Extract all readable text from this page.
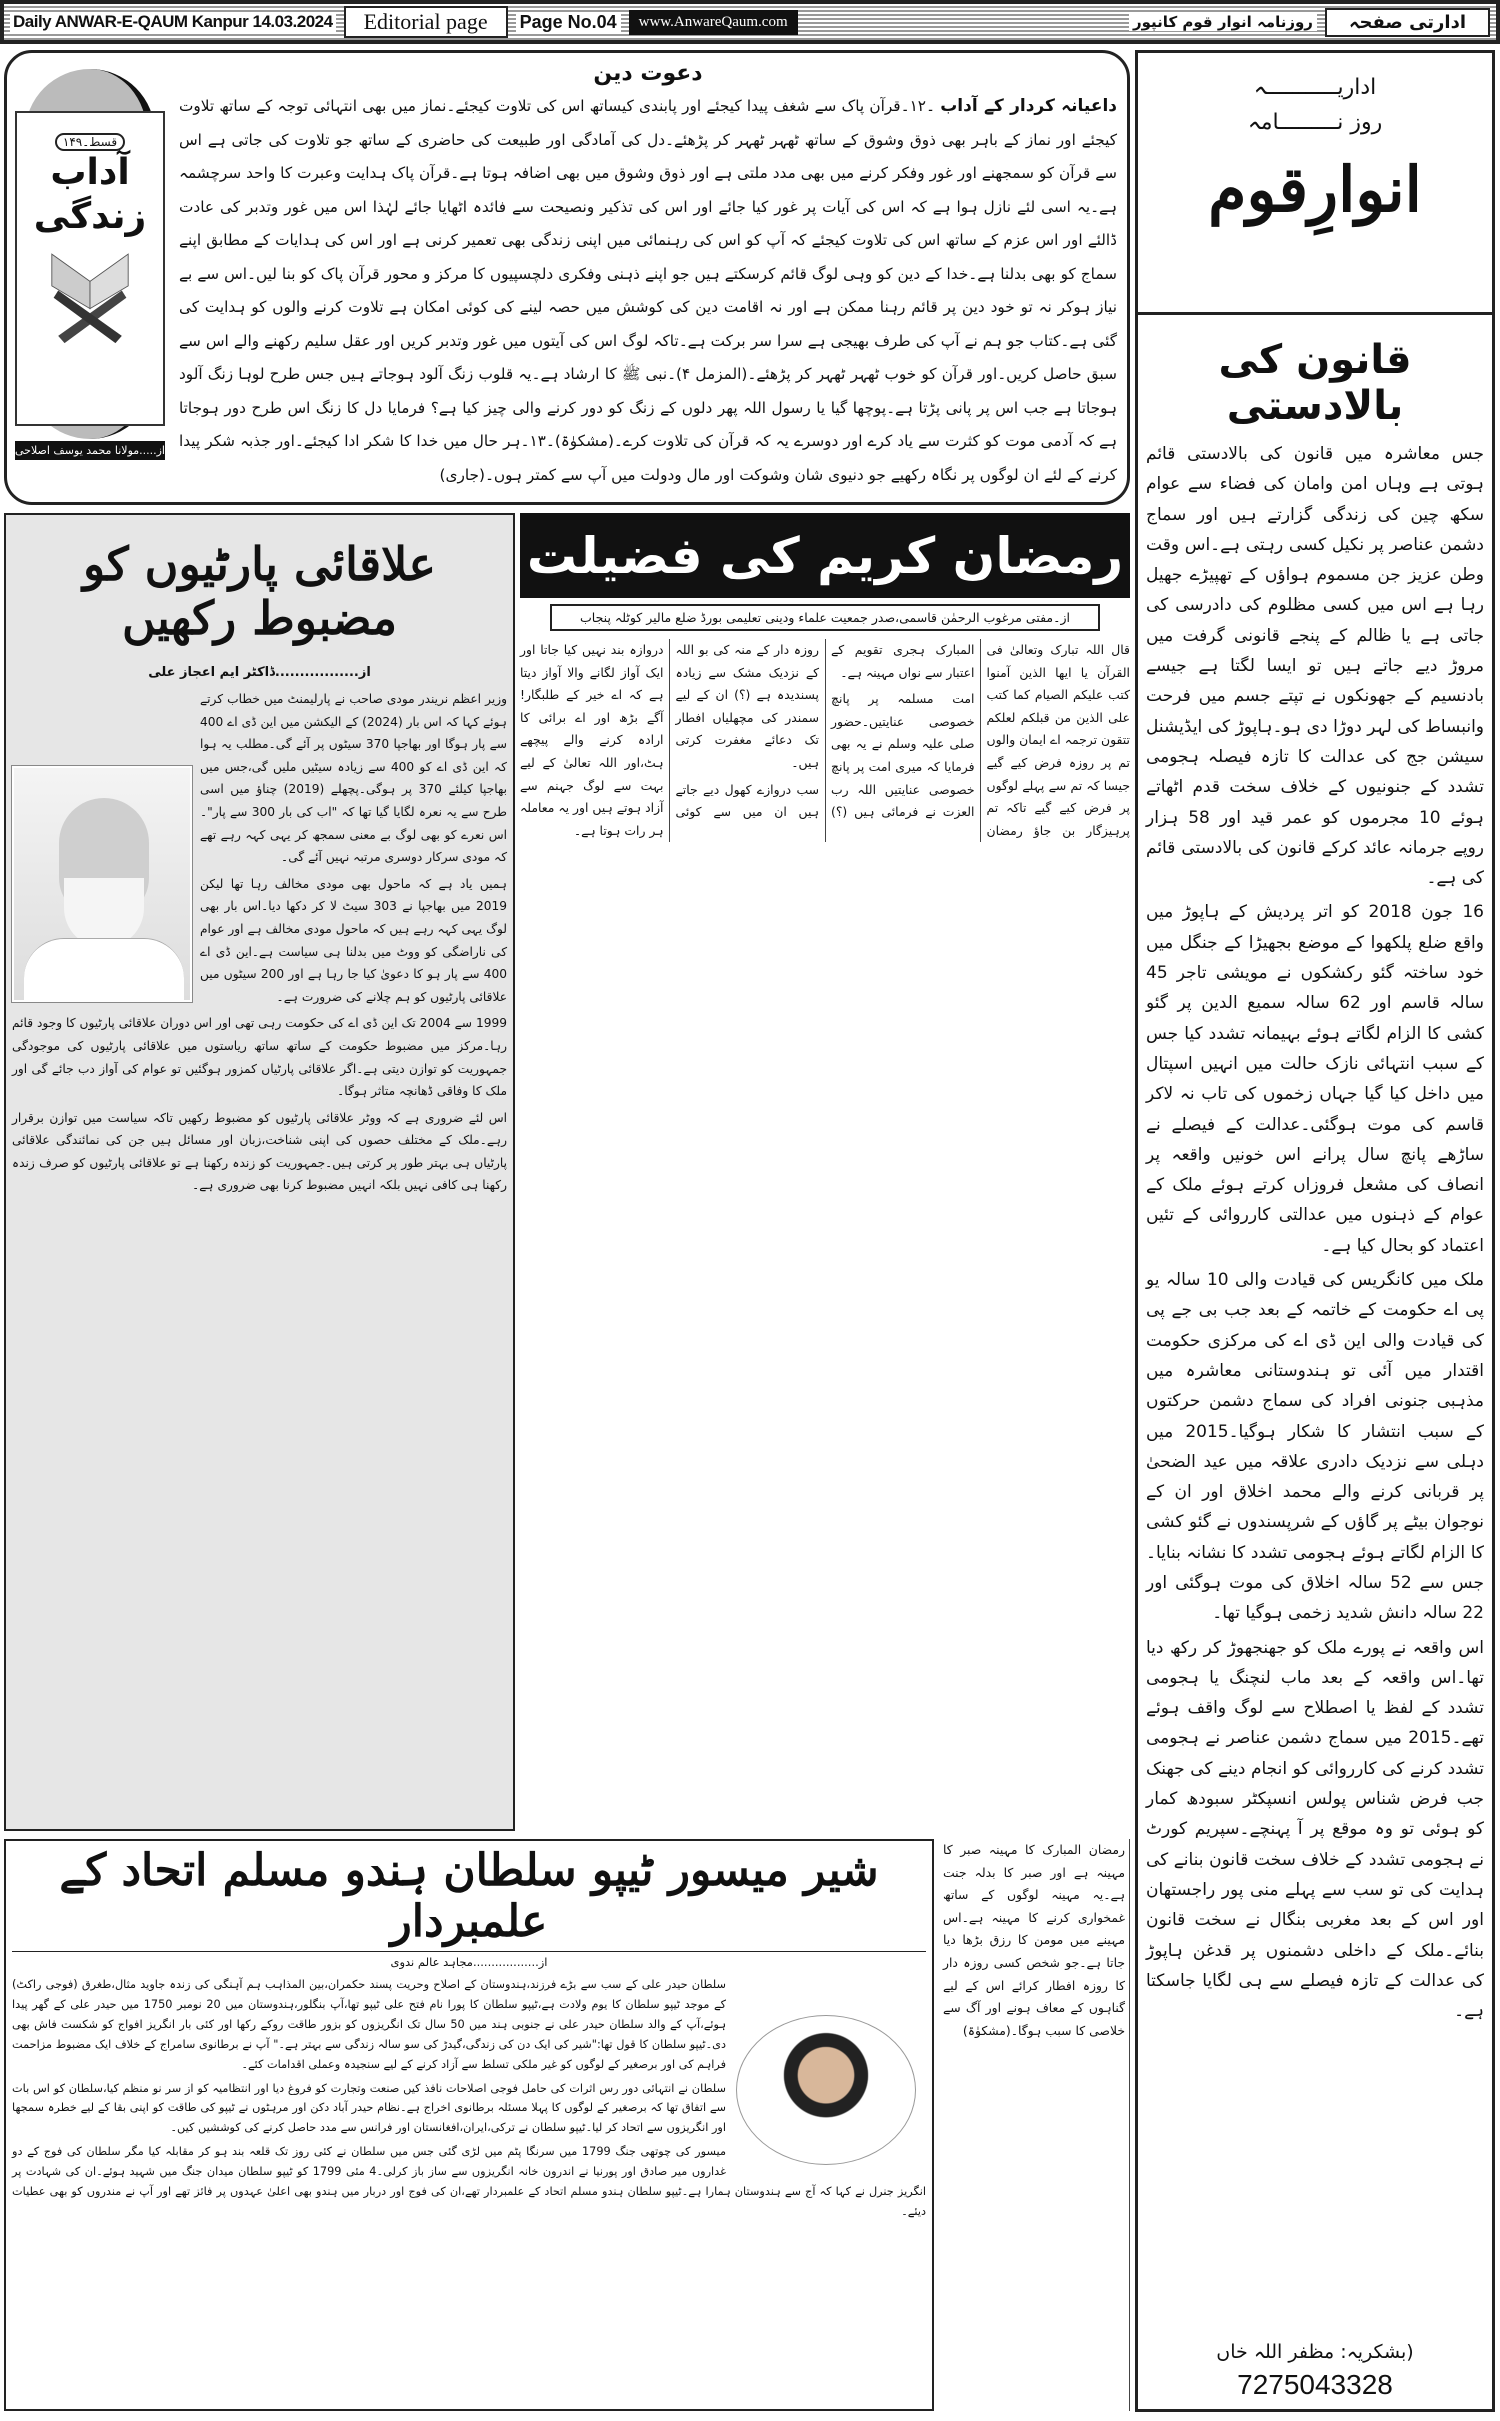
Daily ANWAR-E-QAUM Kanpur 14.03.2024	Editorial page	Page No.04	www.AnwareQaum.com	روزنامہ انوار قوم کانپور	ادارتی صفحہ
قسط۔۱۴۹
آداب
زندگی
از.....مولانا محمد یوسف اصلاحی
دعوت دین
داعیانہ کردار کے آداب ۔۱۲۔قرآن پاک سے شغف پیدا کیجئے اور پابندی کیساتھ اس کی تلاوت کیجئے۔نماز میں بھی انتہائی توجہ کے ساتھ تلاوت کیجئے اور نماز کے باہر بھی ذوق وشوق کے ساتھ ٹھہر ٹھہر کر پڑھئے۔دل کی آمادگی اور طبیعت کی حاضری کے ساتھ جو تلاوت کی جاتی ہے اس سے قرآن کو سمجھنے اور غور وفکر کرنے میں بھی مدد ملتی ہے اور ذوق وشوق میں بھی اضافہ ہوتا ہے۔قرآن پاک ہدایت وعبرت کا واحد سرچشمہ ہے۔یہ اسی لئے نازل ہوا ہے کہ اس کی آیات پر غور کیا جائے اور اس کی تذکیر ونصیحت سے فائدہ اٹھایا جائے لہٰذا اس میں غور وتدبر کی عادت ڈالئے اور اس عزم کے ساتھ اس کی تلاوت کیجئے کہ آپ کو اس کی رہنمائی میں اپنی زندگی بھی تعمیر کرنی ہے اور اس کی ہدایات کے مطابق اپنے سماج کو بھی بدلنا ہے۔خدا کے دین کو وہی لوگ قائم کرسکتے ہیں جو اپنے ذہنی وفکری دلچسپیوں کا مرکز و محور قرآن پاک کو بنا لیں۔اس سے بے نیاز ہوکر نہ تو خود دین پر قائم رہنا ممکن ہے اور نہ اقامت دین کی کوشش میں حصہ لینے کی کوئی امکان ہے تلاوت کرنے والوں کو ہدایت کی گئی ہے۔کتاب جو ہم نے آپ کی طرف بھیجی ہے سرا سر برکت ہے۔تاکہ لوگ اس کی آیتوں میں غور وتدبر کریں اور عقل سلیم رکھنے والے اس سے سبق حاصل کریں۔اور قرآن کو خوب ٹھہر ٹھہر کر پڑھئے۔(المزمل ۴)۔نبی ﷺ کا ارشاد ہے۔یہ قلوب زنگ آلود ہوجاتے ہیں جس طرح لوہا زنگ آلود ہوجاتا ہے جب اس پر پانی پڑتا ہے۔پوچھا گیا یا رسول اللہ پھر دلوں کے زنگ کو دور کرنے والی چیز کیا ہے؟ فرمایا دل کا زنگ اس طرح دور ہوجاتا ہے کہ آدمی موت کو کثرت سے یاد کرے اور دوسرے یہ کہ قرآن کی تلاوت کرے۔(مشکوٰۃ)۔۱۳۔ہر حال میں خدا کا شکر ادا کیجئے۔اور جذبہ شکر پیدا کرنے کے لئے ان لوگوں پر نگاہ رکھیے جو دنیوی شان وشوکت اور مال ودولت میں آپ سے کمتر ہوں۔(جاری)
علاقائی پارٹیوں کو مضبوط رکھیں
از.................ڈاکٹر ایم اعجاز علی

وزیر اعظم نریندر مودی صاحب نے پارلیمنٹ میں خطاب کرتے ہوئے کہا کہ اس بار (2024) کے الیکشن میں این ڈی اے 400 سے پار ہوگا اور بھاجپا 370 سیٹوں پر آئے گی۔مطلب یہ ہوا کہ این ڈی اے کو 400 سے زیادہ سیٹیں ملیں گی،جس میں بھاجپا کیلئے 370 پر ہوگی۔پچھلے (2019) چناؤ میں اسی طرح سے یہ نعرہ لگایا گیا تھا کہ "اب کی بار 300 سے پار"۔اس نعرے کو بھی لوگ بے معنی سمجھ کر یہی کہہ رہے تھے کہ مودی سرکار دوسری مرتبہ نہیں آئے گی۔

ہمیں یاد ہے کہ ماحول بھی مودی مخالف رہا تھا لیکن 2019 میں بھاجپا نے 303 سیٹ لا کر دکھا دیا۔اس بار بھی لوگ یہی کہہ رہے ہیں کہ ماحول مودی مخالف ہے اور عوام کی ناراضگی کو ووٹ میں بدلنا ہی سیاست ہے۔این ڈی اے 400 سے پار ہو کا دعویٰ کیا جا رہا ہے اور 200 سیٹوں میں علاقائی پارٹیوں کو ہم چلانے کی ضرورت ہے۔

1999 سے 2004 تک این ڈی اے کی حکومت رہی تھی اور اس دوران علاقائی پارٹیوں کا وجود قائم رہا۔مرکز میں مضبوط حکومت کے ساتھ ساتھ ریاستوں میں علاقائی پارٹیوں کی موجودگی جمہوریت کو توازن دیتی ہے۔اگر علاقائی پارٹیاں کمزور ہوگئیں تو عوام کی آواز دب جائے گی اور ملک کا وفاقی ڈھانچہ متاثر ہوگا۔

اس لئے ضروری ہے کہ ووٹر علاقائی پارٹیوں کو مضبوط رکھیں تاکہ سیاست میں توازن برقرار رہے۔ملک کے مختلف حصوں کی اپنی شناخت،زبان اور مسائل ہیں جن کی نمائندگی علاقائی پارٹیاں ہی بہتر طور پر کرتی ہیں۔جمہوریت کو زندہ رکھنا ہے تو علاقائی پارٹیوں کو صرف زندہ رکھنا ہی کافی نہیں بلکہ انہیں مضبوط کرنا بھی ضروری ہے۔

رمضان کریم کی فضیلت
از۔مفتی مرغوب الرحمٰن قاسمی،صدر جمعیت علماء ودینی تعلیمی بورڈ ضلع مالیر کوٹلہ پنجاب

قال اللہ تبارک وتعالیٰ فی القرآن یا ایھا الذین آمنوا کتب علیکم الصیام کما کتب علی الذین من قبلکم لعلکم تتقون ترجمہ اے ایمان والوں تم پر روزہ فرض کیے گیے جیسا کہ تم سے پہلے لوگوں پر فرض کیے گیے تاکہ تم پرہیزگار بن جاؤ رمضان المبارک ہجری تقویم کے اعتبار سے نواں مہینہ ہے۔

امت مسلمہ پر پانچ خصوصی عنایتیں۔حضور صلی علیہ وسلم نے یہ بھی فرمایا کہ میری امت پر پانچ خصوصی عنایتیں اللہ رب العزت نے فرمائی ہیں (؟) روزہ دار کے منہ کی بو اللہ کے نزدیک مشک سے زیادہ پسندیدہ ہے (؟) ان کے لیے سمندر کی مچھلیاں افطار تک دعائے مغفرت کرتی ہیں۔

سب دروازے کھول دیے جاتے ہیں ان میں سے کوئی دروازہ بند نہیں کیا جاتا اور ایک آواز لگانے والا آواز دیتا ہے کہ اے خیر کے طلبگار! آگے بڑھ اور اے برائی کا ارادہ کرنے والے پیچھے ہٹ،اور اللہ تعالیٰ کے لیے بہت سے لوگ جہنم سے آزاد ہوتے ہیں اور یہ معاملہ ہر رات ہوتا ہے۔

شیر میسور ٹیپو سلطان ہندو مسلم اتحاد کے علمبردار
از..................مجاہد عالم ندوی

سلطان حیدر علی کے سب سے بڑے فرزند،ہندوستان کے اصلاح وحریت پسند حکمران،بین المذاہب ہم آہنگی کی زندہ جاوید مثال،طغرق (فوجی راکٹ) کے موجد ٹیپو سلطان کا یوم ولادت ہے،ٹیپو سلطان کا پورا نام فتح علی ٹیپو تھا،آپ بنگلور،ہندوستان میں 20 نومبر 1750 میں حیدر علی کے گھر پیدا ہوئے،آپ کے والد سلطان حیدر علی نے جنوبی ہند میں 50 سال تک انگریزوں کو بزور طاقت روکے رکھا اور کئی بار انگریز افواج کو شکست فاش بھی دی۔ٹیپو سلطان کا قول تھا:"شیر کی ایک دن کی زندگی،گیدڑ کی سو سالہ زندگی سے بہتر ہے۔" آپ نے برطانوی سامراج کے خلاف ایک مضبوط مزاحمت فراہم کی اور برصغیر کے لوگوں کو غیر ملکی تسلط سے آزاد کرنے کے لیے سنجیدہ وعملی اقدامات کئے۔

سلطان نے انتہائی دور رس اثرات کی حامل فوجی اصلاحات نافذ کیں صنعت وتجارت کو فروغ دیا اور انتظامیہ کو از سر نو منظم کیا،سلطان کو اس بات سے اتفاق تھا کہ برصغیر کے لوگوں کا پہلا مسئلہ برطانوی اخراج ہے۔نظام حیدر آباد دکن اور مرہٹوں نے ٹیپو کی طاقت کو اپنی بقا کے لیے خطرہ سمجھا اور انگریزوں سے اتحاد کر لیا۔ٹیپو سلطان نے ترکی،ایران،افغانستان اور فرانس سے مدد حاصل کرنے کی کوششیں کیں۔

میسور کی چوتھی جنگ 1799 میں سرنگا پٹم میں لڑی گئی جس میں سلطان نے کئی روز تک قلعہ بند ہو کر مقابلہ کیا مگر سلطان کی فوج کے دو غداروں میر صادق اور پورنیا نے اندرون خانہ انگریزوں سے ساز باز کرلی۔4 مئی 1799 کو ٹیپو سلطان میدان جنگ میں شہید ہوئے۔ان کی شہادت پر انگریز جنرل نے کہا کہ آج سے ہندوستان ہمارا ہے۔ٹیپو سلطان ہندو مسلم اتحاد کے علمبردار تھے،ان کی فوج اور دربار میں ہندو بھی اعلیٰ عہدوں پر فائز تھے اور آپ نے مندروں کو بھی عطیات دیئے۔

رمضان المبارک کا مہینہ صبر کا مہینہ ہے اور صبر کا بدلہ جنت ہے۔یہ مہینہ لوگوں کے ساتھ غمخواری کرنے کا مہینہ ہے۔اس مہینے میں مومن کا رزق بڑھا دیا جاتا ہے۔جو شخص کسی روزہ دار کا روزہ افطار کرائے اس کے لیے گناہوں کے معاف ہونے اور آگ سے خلاصی کا سبب ہوگا۔(مشکوٰۃ)

اداریـــــــــــہ
روز نـــــــــامہ
انوارِقوم
قانون کی بالادستی

جس معاشرہ میں قانون کی بالادستی قائم ہوتی ہے وہاں امن وامان کی فضاء سے عوام سکھ چین کی زندگی گزارتے ہیں اور سماج دشمن عناصر پر نکیل کسی رہتی ہے۔اس وقت وطن عزیز جن مسموم ہواؤں کے تھپیڑے جھیل رہا ہے اس میں کسی مظلوم کی دادرسی کی جاتی ہے یا ظالم کے پنجے قانونی گرفت میں مروڑ دیے جاتے ہیں تو ایسا لگتا ہے جیسے بادنسیم کے جھونکوں نے تپتے جسم میں فرحت وانبساط کی لہر دوڑا دی ہو۔ہاپوڑ کی ایڈیشنل سیشن جج کی عدالت کا تازہ فیصلہ ہجومی تشدد کے جنونیوں کے خلاف سخت قدم اٹھاتے ہوئے 10 مجرموں کو عمر قید اور 58 ہزار روپے جرمانہ عائد کرکے قانون کی بالادستی قائم کی ہے۔

16 جون 2018 کو اتر پردیش کے ہاپوڑ میں واقع ضلع پلکھوا کے موضع بجھیڑا کے جنگل میں خود ساختہ گئو رکشکوں نے مویشی تاجر 45 سالہ قاسم اور 62 سالہ سمیع الدین پر گئو کشی کا الزام لگاتے ہوئے بہیمانہ تشدد کیا جس کے سبب انتہائی نازک حالت میں انہیں اسپتال میں داخل کیا گیا جہاں زخموں کی تاب نہ لاکر قاسم کی موت ہوگئی۔عدالت کے فیصلے نے ساڑھے پانچ سال پرانے اس خونیں واقعہ پر انصاف کی مشعل فروزاں کرتے ہوئے ملک کے عوام کے ذہنوں میں عدالتی کارروائی کے تئیں اعتماد کو بحال کیا ہے۔

ملک میں کانگریس کی قیادت والی 10 سالہ یو پی اے حکومت کے خاتمہ کے بعد جب بی جے پی کی قیادت والی این ڈی اے کی مرکزی حکومت اقتدار میں آئی تو ہندوستانی معاشرہ میں مذہبی جنونی افراد کی سماج دشمن حرکتوں کے سبب انتشار کا شکار ہوگیا۔2015 میں دہلی سے نزدیک دادری علاقہ میں عید الضحیٰ پر قربانی کرنے والے محمد اخلاق اور ان کے نوجوان بیٹے پر گاؤں کے شرپسندوں نے گئو کشی کا الزام لگاتے ہوئے ہجومی تشدد کا نشانہ بنایا۔جس سے 52 سالہ اخلاق کی موت ہوگئی اور 22 سالہ دانش شدید زخمی ہوگیا تھا۔

اس واقعہ نے پورے ملک کو جھنجھوڑ کر رکھ دیا تھا۔اس واقعہ کے بعد ماب لنچنگ یا ہجومی تشدد کے لفظ یا اصطلاح سے لوگ واقف ہوئے تھے۔2015 میں سماج دشمن عناصر نے ہجومی تشدد کرنے کی کارروائی کو انجام دینے کی جھنک جب فرض شناس پولس انسپکٹر سبودھ کمار کو ہوئی تو وہ موقع پر آ پہنچے۔سپریم کورٹ نے ہجومی تشدد کے خلاف سخت قانون بنانے کی ہدایت کی تو سب سے پہلے منی پور راجستھان اور اس کے بعد مغربی بنگال نے سخت قانون بنائے۔ملک کے داخلی دشمنوں پر قدغن ہاپوڑ کی عدالت کے تازہ فیصلے سے ہی لگایا جاسکتا ہے۔

(بشکریہ: مظفر اللہ خاں
7275043328
